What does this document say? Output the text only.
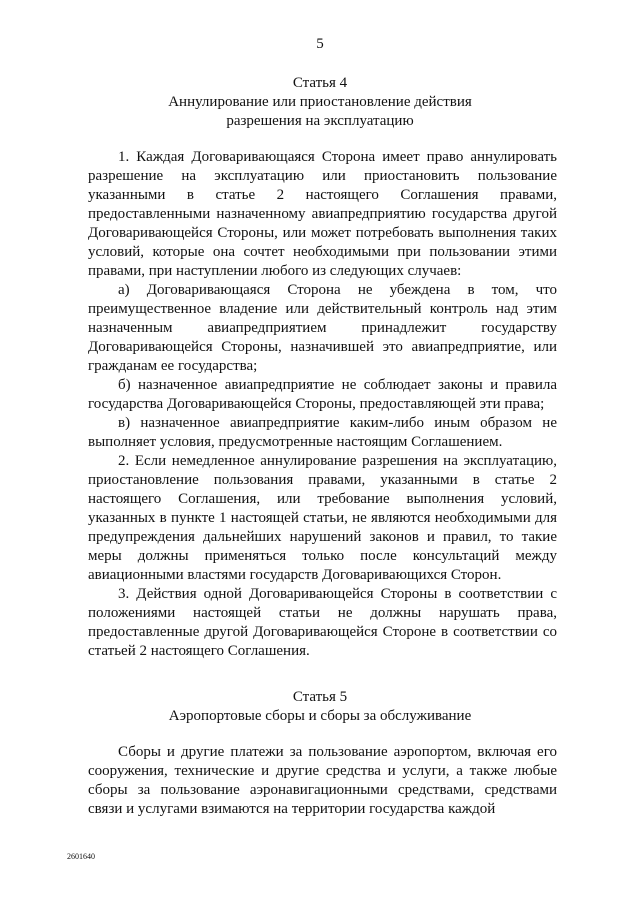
5
Статья 4
Аннулирование или приостановление действия
разрешения на эксплуатацию

1. Каждая Договаривающаяся Сторона имеет право аннулировать разрешение на эксплуатацию или приостановить пользование указанными в статье 2 настоящего Соглашения правами, предоставленными назначенному авиапредприятию государства другой Договаривающейся Стороны, или может потребовать выполнения таких условий, которые она сочтет необходимыми при пользовании этими правами, при наступлении любого из следующих случаев:

а) Договаривающаяся Сторона не убеждена в том, что преимущественное владение или действительный контроль над этим назначенным авиапредприятием принадлежит государству Договаривающейся Стороны, назначившей это авиапредприятие, или гражданам ее государства;

б) назначенное авиапредприятие не соблюдает законы и правила государства Договаривающейся Стороны, предоставляющей эти права;

в) назначенное авиапредприятие каким-либо иным образом не выполняет условия, предусмотренные настоящим Соглашением.

2. Если немедленное аннулирование разрешения на эксплуатацию, приостановление пользования правами, указанными в статье 2 настоящего Соглашения, или требование выполнения условий, указанных в пункте 1 настоящей статьи, не являются необходимыми для предупреждения дальнейших нарушений законов и правил, то такие меры должны применяться только после консультаций между авиационными властями государств Договаривающихся Сторон.

3. Действия одной Договаривающейся Стороны в соответствии с положениями настоящей статьи не должны нарушать права, предоставленные другой Договаривающейся Стороне в соответствии со статьей 2 настоящего Соглашения.

Статья 5
Аэропортовые сборы и сборы за обслуживание

Сборы и другие платежи за пользование аэропортом, включая его сооружения, технические и другие средства и услуги, а также любые сборы за пользование аэронавигационными средствами, средствами связи и услугами взимаются на территории государства каждой

2601640
